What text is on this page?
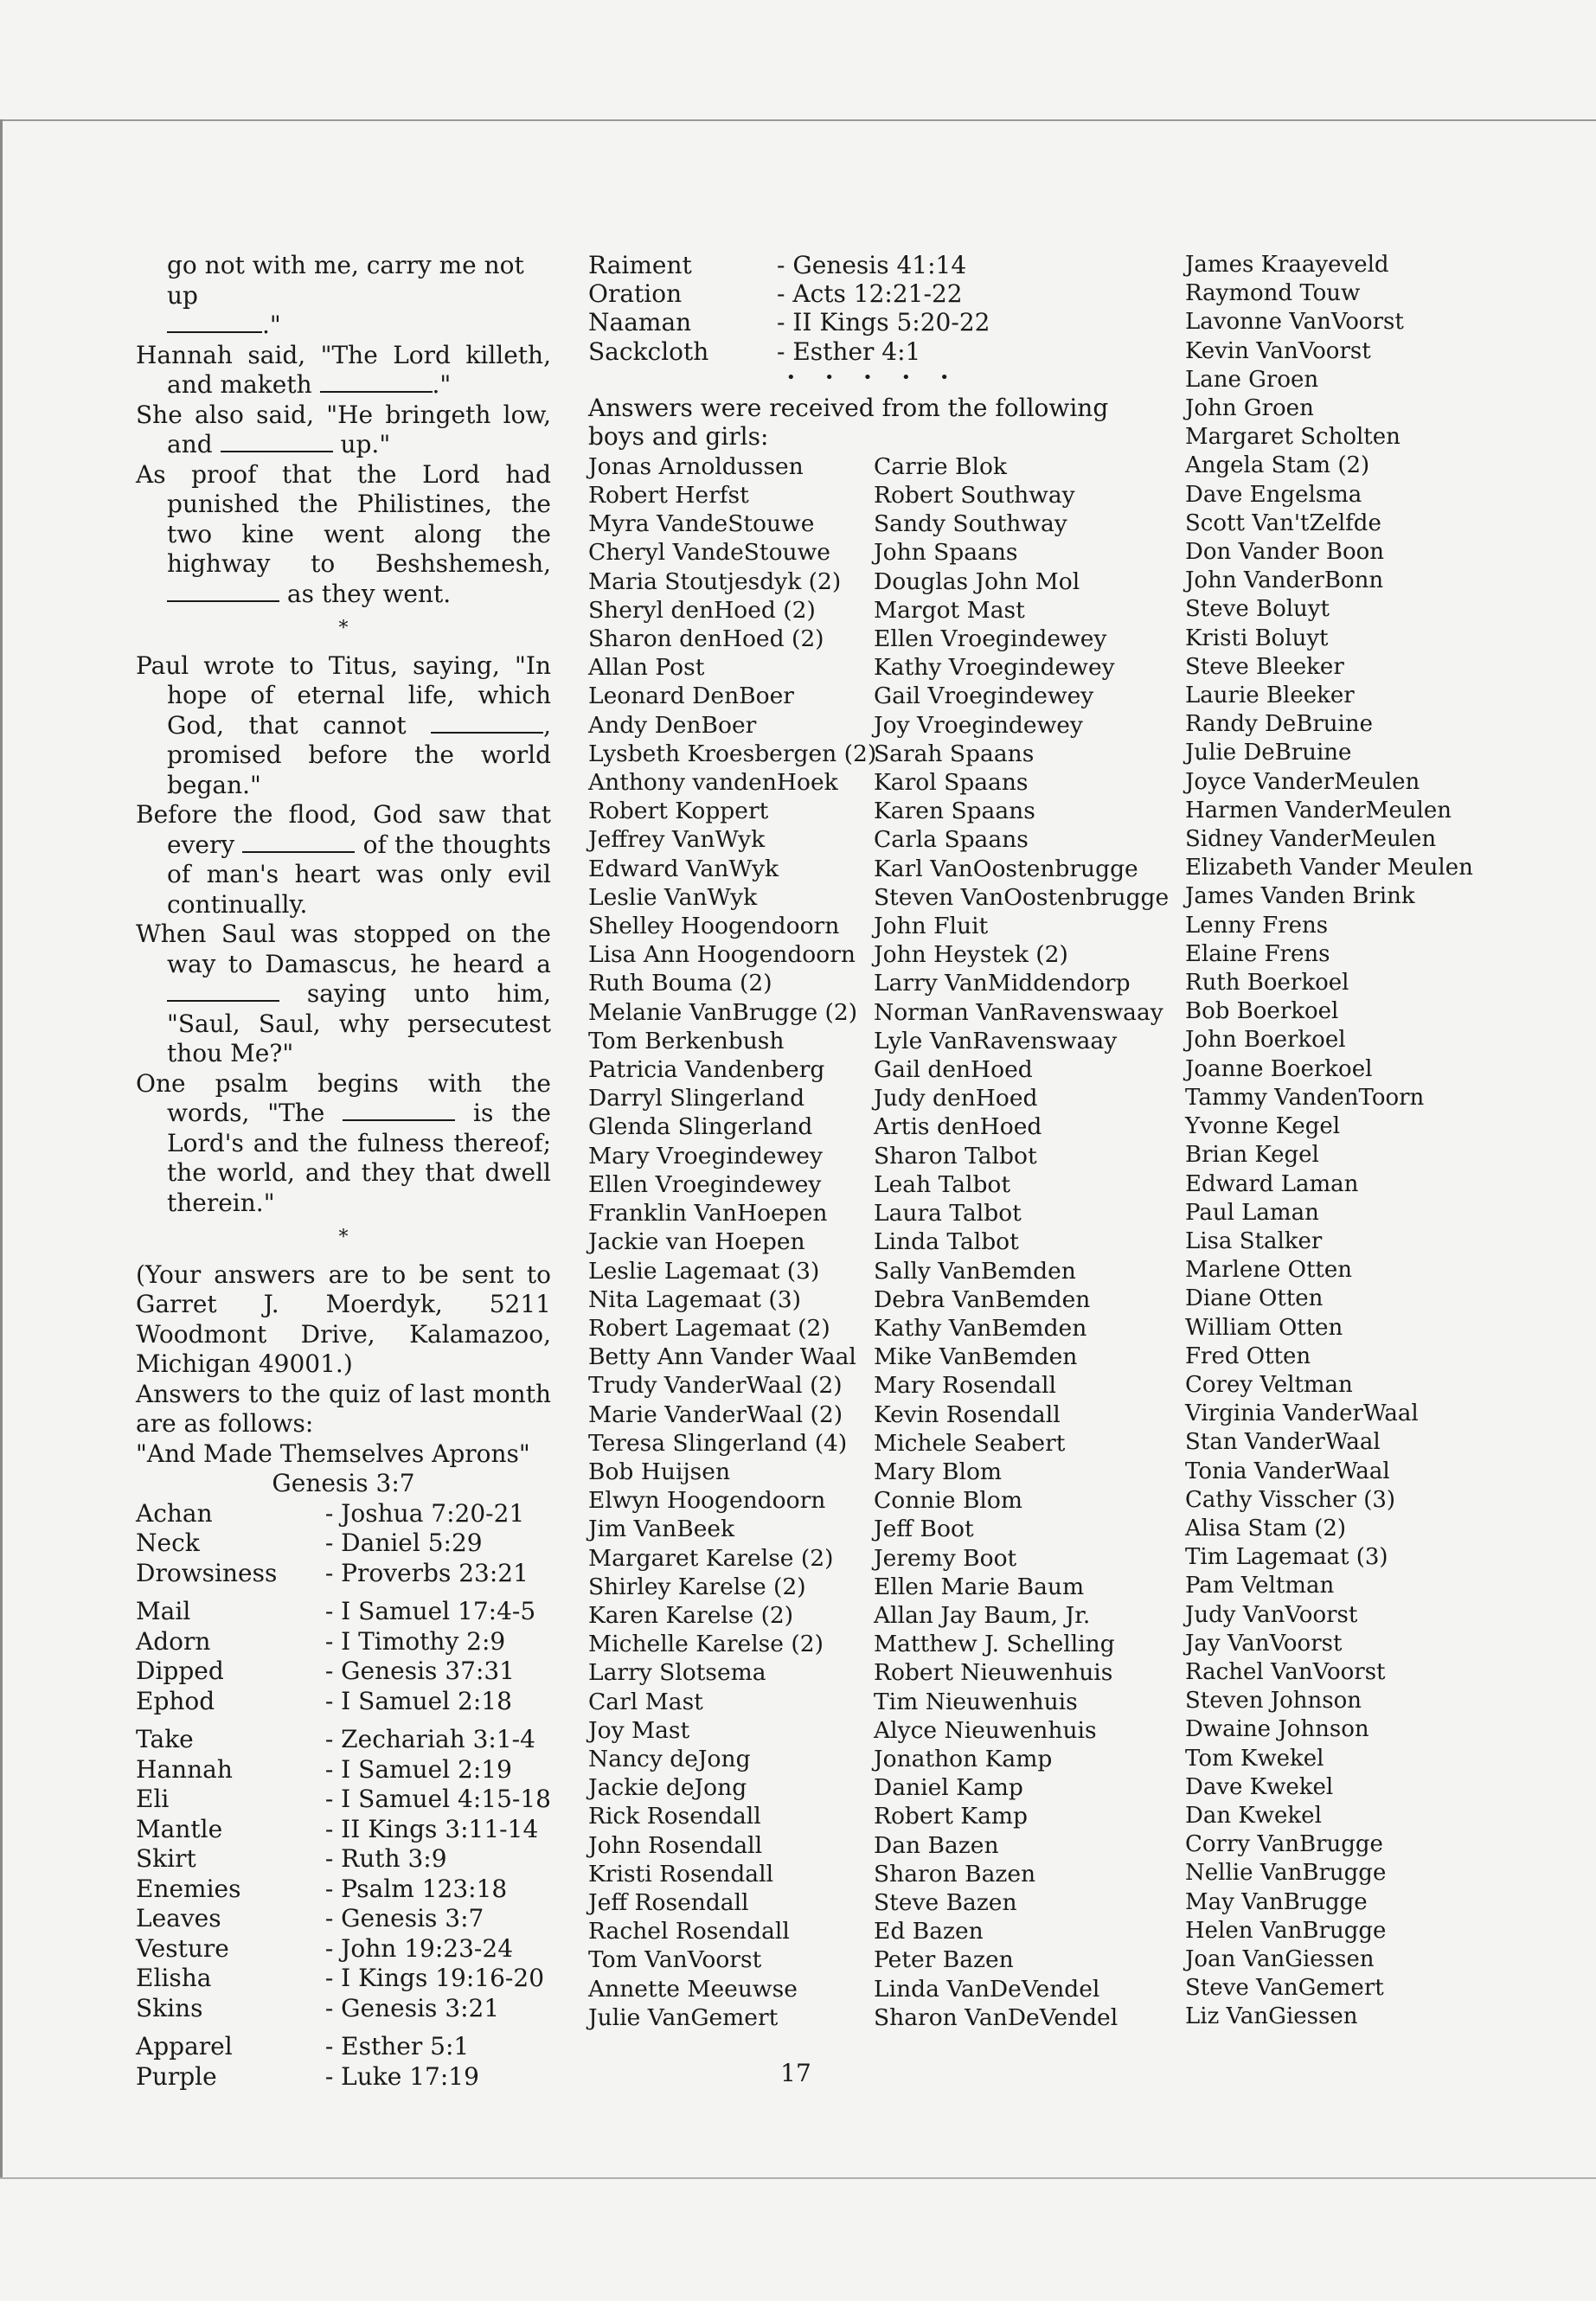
go not with me, carry me not up
."

Hannah said, "The Lord killeth, and maketh	."

She also said, "He bringeth low, and	up."

As proof that the Lord had punished the Philistines, the two kine went along the highway to Beshshemesh,  as they went.

*

Paul wrote to Titus, saying, "In hope of eternal life, which God, that cannot	, promised before the world began."

Before the flood, God saw that every	of the thoughts of man's heart was only evil continually.

When Saul was stopped on the way to Damascus, he heard a  saying unto him, "Saul, Saul, why persecutest thou Me?"

One psalm begins with the words, "The	is the Lord's and the fulness thereof; the world, and they that dwell therein."

*

(Your answers are to be sent to Garret J. Moerdyk, 5211 Woodmont Drive, Kalamazoo, Michigan 49001.)

Answers to the quiz of last month are as follows:

"And Made Themselves Aprons"
Genesis 3:7
Achan	- Joshua 7:20-21
Neck	- Daniel 5:29
Drowsiness	- Proverbs 23:21

Mail	- I Samuel 17:4-5
Adorn	- I Timothy 2:9
Dipped	- Genesis 37:31
Ephod	- I Samuel 2:18

Take	- Zechariah 3:1-4
Hannah	- I Samuel 2:19
Eli	- I Samuel 4:15-18
Mantle	- II Kings 3:11-14
Skirt	- Ruth 3:9
Enemies	- Psalm 123:18
Leaves	- Genesis 3:7
Vesture	- John 19:23-24
Elisha	- I Kings 19:16-20
Skins	- Genesis 3:21

Apparel	- Esther 5:1
Purple	- Luke 17:19
Raiment	- Genesis 41:14
Oration	- Acts 12:21-22
Naaman	- II Kings 5:20-22
Sackcloth	- Esther 4:1
• • • • •

Answers were received from the following boys and girls:

Jonas Arnoldussen
Robert Herfst
Myra VandeStouwe
Cheryl VandeStouwe
Maria Stoutjesdyk (2)
Sheryl denHoed (2)
Sharon denHoed (2)
Allan Post
Leonard DenBoer
Andy DenBoer
Lysbeth Kroesbergen (2)
Anthony vandenHoek
Robert Koppert
Jeffrey VanWyk
Edward VanWyk
Leslie VanWyk
Shelley Hoogendoorn
Lisa Ann Hoogendoorn
Ruth Bouma (2)
Melanie VanBrugge (2)
Tom Berkenbush
Patricia Vandenberg
Darryl Slingerland
Glenda Slingerland
Mary Vroegindewey
Ellen Vroegindewey
Franklin VanHoepen
Jackie van Hoepen
Leslie Lagemaat (3)
Nita Lagemaat (3)
Robert Lagemaat (2)
Betty Ann Vander Waal
Trudy VanderWaal (2)
Marie VanderWaal (2)
Teresa Slingerland (4)
Bob Huijsen
Elwyn Hoogendoorn
Jim VanBeek
Margaret Karelse (2)
Shirley Karelse (2)
Karen Karelse (2)
Michelle Karelse (2)
Larry Slotsema
Carl Mast
Joy Mast
Nancy deJong
Jackie deJong
Rick Rosendall
John Rosendall
Kristi Rosendall
Jeff Rosendall
Rachel Rosendall
Tom VanVoorst
Annette Meeuwse
Julie VanGemert
Carrie Blok
Robert Southway
Sandy Southway
John Spaans
Douglas John Mol
Margot Mast
Ellen Vroegindewey
Kathy Vroegindewey
Gail Vroegindewey
Joy Vroegindewey
Sarah Spaans
Karol Spaans
Karen Spaans
Carla Spaans
Karl VanOostenbrugge
Steven VanOostenbrugge
John Fluit
John Heystek (2)
Larry VanMiddendorp
Norman VanRavenswaay
Lyle VanRavenswaay
Gail denHoed
Judy denHoed
Artis denHoed
Sharon Talbot
Leah Talbot
Laura Talbot
Linda Talbot
Sally VanBemden
Debra VanBemden
Kathy VanBemden
Mike VanBemden
Mary Rosendall
Kevin Rosendall
Michele Seabert
Mary Blom
Connie Blom
Jeff Boot
Jeremy Boot
Ellen Marie Baum
Allan Jay Baum, Jr.
Matthew J. Schelling
Robert Nieuwenhuis
Tim Nieuwenhuis
Alyce Nieuwenhuis
Jonathon Kamp
Daniel Kamp
Robert Kamp
Dan Bazen
Sharon Bazen
Steve Bazen
Ed Bazen
Peter Bazen
Linda VanDeVendel
Sharon VanDeVendel
James Kraayeveld
Raymond Touw
Lavonne VanVoorst
Kevin VanVoorst
Lane Groen
John Groen
Margaret Scholten
Angela Stam (2)
Dave Engelsma
Scott Van'tZelfde
Don Vander Boon
John VanderBonn
Steve Boluyt
Kristi Boluyt
Steve Bleeker
Laurie Bleeker
Randy DeBruine
Julie DeBruine
Joyce VanderMeulen
Harmen VanderMeulen
Sidney VanderMeulen
Elizabeth Vander Meulen
James Vanden Brink
Lenny Frens
Elaine Frens
Ruth Boerkoel
Bob Boerkoel
John Boerkoel
Joanne Boerkoel
Tammy VandenToorn
Yvonne Kegel
Brian Kegel
Edward Laman
Paul Laman
Lisa Stalker
Marlene Otten
Diane Otten
William Otten
Fred Otten
Corey Veltman
Virginia VanderWaal
Stan VanderWaal
Tonia VanderWaal
Cathy Visscher (3)
Alisa Stam (2)
Tim Lagemaat (3)
Pam Veltman
Judy VanVoorst
Jay VanVoorst
Rachel VanVoorst
Steven Johnson
Dwaine Johnson
Tom Kwekel
Dave Kwekel
Dan Kwekel
Corry VanBrugge
Nellie VanBrugge
May VanBrugge
Helen VanBrugge
Joan VanGiessen
Steve VanGemert
Liz VanGiessen
17
